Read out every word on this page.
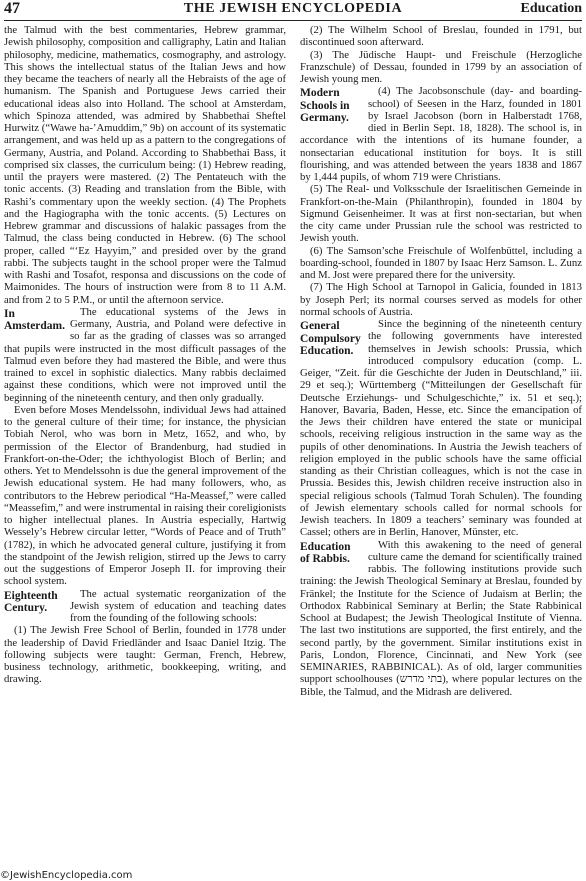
47	THE JEWISH ENCYCLOPEDIA	Education

the Talmud with the best commentaries, Hebrew grammar, Jewish philosophy, composition and calligraphy, Latin and Italian philosophy, medicine, mathematics, cosmography, and astrology. This shows the intellectual status of the Italian Jews and how they became the teachers of nearly all the Hebraists of the age of humanism. The Spanish and Portuguese Jews carried their educational ideas also into Holland. The school at Amsterdam, which Spinoza attended, was admired by Shabbethai Sheftel Hurwitz (“Wawe ha-’Amuddim,” 9b) on account of its systematic arrangement, and was held up as a pattern to the congregations of Germany, Austria, and Poland. According to Shabbethai Bass, it comprised six classes, the curriculum being: (1) Hebrew reading, until the prayers were mastered. (2) The Pentateuch with the tonic accents. (3) Reading and translation from the Bible, with Rashi’s commentary upon the weekly section. (4) The Prophets and the Hagiographa with the tonic accents. (5) Lectures on Hebrew grammar and discussions of halakic passages from the Talmud, the class being conducted in Hebrew. (6) The school proper, called “‘Ez Hayyim,” and presided over by the grand rabbi. The subjects taught in the school proper were the Talmud with Rashi and Tosafot, responsa and discussions on the code of Maimonides. The hours of instruction were from 8 to 11 A.M. and from 2 to 5 P.M., or until the afternoon service.

In Amsterdam.

The educational systems of the Jews in Germany, Austria, and Poland were defective in so far as the grading of classes was so arranged that pupils were instructed in the most difficult passages of the Talmud even before they had mastered the Bible, and were thus trained to excel in sophistic dialectics. Many rabbis declaimed against these conditions, which were not improved until the beginning of the nineteenth century, and then only gradually.

Even before Moses Mendelssohn, individual Jews had attained to the general culture of their time; for instance, the physician Tobiah Nerol, who was born in Metz, 1652, and who, by permission of the Elector of Brandenburg, had studied in Frankfort-on-the-Oder; the ichthyologist Bloch of Berlin; and others. Yet to Mendelssohn is due the general improvement of the Jewish educational system. He had many followers, who, as contributors to the Hebrew periodical “Ha-Meassef,” were called “Meassefim,” and were instrumental in raising their coreligionists to higher intellectual planes. In Austria especially, Hartwig Wessely’s Hebrew circular letter, “Words of Peace and of Truth” (1782), in which he advocated general culture, justifying it from the standpoint of the Jewish religion, stirred up the Jews to carry out the suggestions of Emperor Joseph II. for improving their school system.

Eighteenth Century.

The actual systematic reorganization of the Jewish system of education and teaching dates from the founding of the following schools:

(1) The Jewish Free School of Berlin, founded in 1778 under the leadership of David Friedländer and Isaac Daniel Itzig. The following subjects were taught: German, French, Hebrew, business technology, arithmetic, bookkeeping, writing, and drawing.

(2) The Wilhelm School of Breslau, founded in 1791, but discontinued soon afterward.

(3) The Jüdische Haupt- und Freischule (Herzogliche Franzschule) of Dessau, founded in 1799 by an association of Jewish young men.

Modern Schools in Germany.

(4) The Jacobsonschule (day- and boarding-school) of Seesen in the Harz, founded in 1801 by Israel Jacobson (born in Halberstadt 1768, died in Berlin Sept. 18, 1828). The school is, in accordance with the intentions of its humane founder, a nonsectarian educational institution for boys. It is still flourishing, and was attended between the years 1838 and 1867 by 1,444 pupils, of whom 719 were Christians.

(5) The Real- und Volksschule der Israelitischen Gemeinde in Frankfort-on-the-Main (Philanthropin), founded in 1804 by Sigmund Geisenheimer. It was at first non-sectarian, but when the city came under Prussian rule the school was restricted to Jewish youth.

(6) The Samson’sche Freischule of Wolfenbüttel, including a boarding-school, founded in 1807 by Isaac Herz Samson. L. Zunz and M. Jost were prepared there for the university.

(7) The High School at Tarnopol in Galicia, founded in 1813 by Joseph Perl; its normal courses served as models for other normal schools of Austria.

General Compulsory Education.

Since the beginning of the nineteenth century the following governments have interested themselves in Jewish schools: Prussia, which introduced compulsory education (comp. L. Geiger, “Zeit. für die Geschichte der Juden in Deutschland,” iii. 29 et seq.); Württemberg (“Mitteilungen der Gesellschaft für Deutsche Erziehungs- und Schulgeschichte,” ix. 51 et seq.); Hanover, Bavaria, Baden, Hesse, etc. Since the emancipation of the Jews their children have entered the state or municipal schools, receiving religious instruction in the same way as the pupils of other denominations. In Austria the Jewish teachers of religion employed in the public schools have the same official standing as their Christian colleagues, which is not the case in Prussia. Besides this, Jewish children receive instruction also in special religious schools (Talmud Torah Schulen). The founding of Jewish elementary schools called for normal schools for Jewish teachers. In 1809 a teachers’ seminary was founded at Cassel; others are in Berlin, Hanover, Münster, etc.

Education of Rabbis.

With this awakening to the need of general culture came the demand for scientifically trained rabbis. The following institutions provide such training: the Jewish Theological Seminary at Breslau, founded by Fränkel; the Institute for the Science of Judaism at Berlin; the Orthodox Rabbinical Seminary at Berlin; the State Rabbinical School at Budapest; the Jewish Theological Institute of Vienna. The last two institutions are supported, the first entirely, and the second partly, by the government. Similar institutions exist in Paris, London, Florence, Cincinnati, and New York (see SEMINARIES, RABBINICAL). As of old, larger communities support schoolhouses (בתי מדרש), where popular lectures on the Bible, the Talmud, and the Midrash are delivered.

©JewishEncyclopedia.com
